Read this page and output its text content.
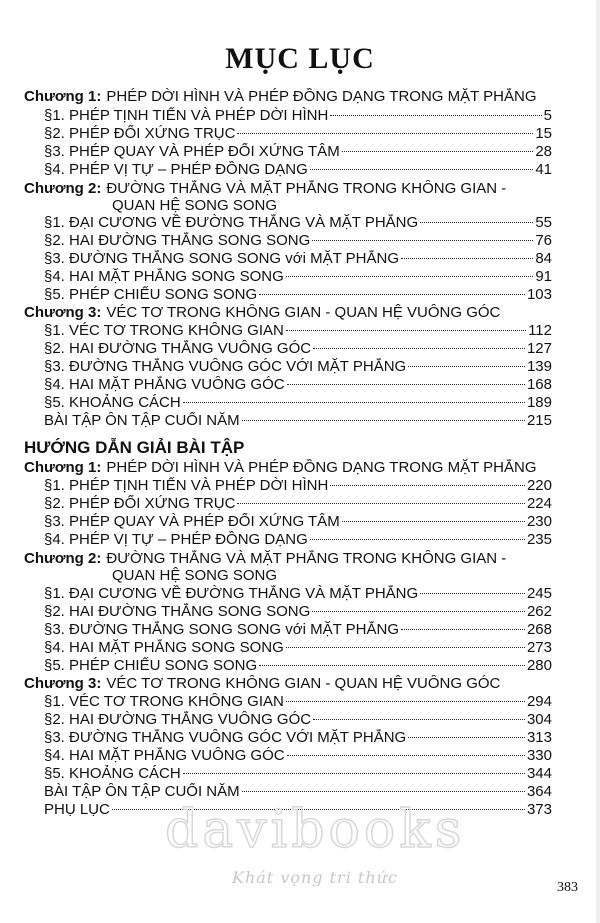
MỤC LỤC
Chương 1: PHÉP DỜI HÌNH VÀ PHÉP ĐỒNG DẠNG TRONG MẶT PHẲNG
§1. PHÉP TỊNH TIẾN VÀ PHÉP DỜI HÌNH	5
§2. PHÉP ĐỐI XỨNG TRỤC	15
§3. PHÉP QUAY VÀ PHÉP ĐỐI XỨNG TÂM	28
§4. PHÉP VỊ TỰ – PHÉP ĐỒNG DẠNG	41
Chương 2: ĐƯỜNG THẲNG VÀ MẶT PHẲNG TRONG KHÔNG GIAN -
QUAN HỆ SONG SONG
§1. ĐẠI CƯƠNG VỀ ĐƯỜNG THẲNG VÀ MẶT PHẲNG	55
§2. HAI ĐƯỜNG THẲNG SONG SONG	76
§3. ĐƯỜNG THẲNG SONG SONG với MẶT PHẲNG	84
§4. HAI MẶT PHẲNG SONG SONG	91
§5. PHÉP CHIẾU SONG SONG	103
Chương 3: VÉC TƠ TRONG KHÔNG GIAN - QUAN HỆ VUÔNG GÓC
§1. VÉC TƠ TRONG KHÔNG GIAN	112
§2. HAI ĐƯỜNG THẲNG VUÔNG GÓC	127
§3. ĐƯỜNG THẲNG VUÔNG GÓC VỚI MẶT PHẲNG	139
§4. HAI MẶT PHẲNG VUÔNG GÓC	168
§5. KHOẢNG CÁCH	189
BÀI TẬP ÔN TẬP CUỐI NĂM	215
HƯỚNG DẪN GIẢI BÀI TẬP
Chương 1: PHÉP DỜI HÌNH VÀ PHÉP ĐỒNG DẠNG TRONG MẶT PHẲNG
§1. PHÉP TỊNH TIẾN VÀ PHÉP DỜI HÌNH	220
§2. PHÉP ĐỐI XỨNG TRỤC	224
§3. PHÉP QUAY VÀ PHÉP ĐỐI XỨNG TÂM	230
§4. PHÉP VỊ TỰ – PHÉP ĐỒNG DẠNG	235
Chương 2: ĐƯỜNG THẲNG VÀ MẶT PHẲNG TRONG KHÔNG GIAN -
QUAN HỆ SONG SONG
§1. ĐẠI CƯƠNG VỀ ĐƯỜNG THẲNG VÀ MẶT PHẲNG	245
§2. HAI ĐƯỜNG THẲNG SONG SONG	262
§3. ĐƯỜNG THẲNG SONG SONG với MẶT PHẲNG	268
§4. HAI MẶT PHẲNG SONG SONG	273
§5. PHÉP CHIẾU SONG SONG	280
Chương 3: VÉC TƠ TRONG KHÔNG GIAN - QUAN HỆ VUÔNG GÓC
§1. VÉC TƠ TRONG KHÔNG GIAN	294
§2. HAI ĐƯỜNG THẲNG VUÔNG GÓC	304
§3. ĐƯỜNG THẲNG VUÔNG GÓC VỚI MẶT PHẲNG	313
§4. HAI MẶT PHẲNG VUÔNG GÓC	330
§5. KHOẢNG CÁCH	344
BÀI TẬP ÔN TẬP CUỐI NĂM	364
PHỤ LỤC	373
davibooks
Khát vọng tri thức
383
